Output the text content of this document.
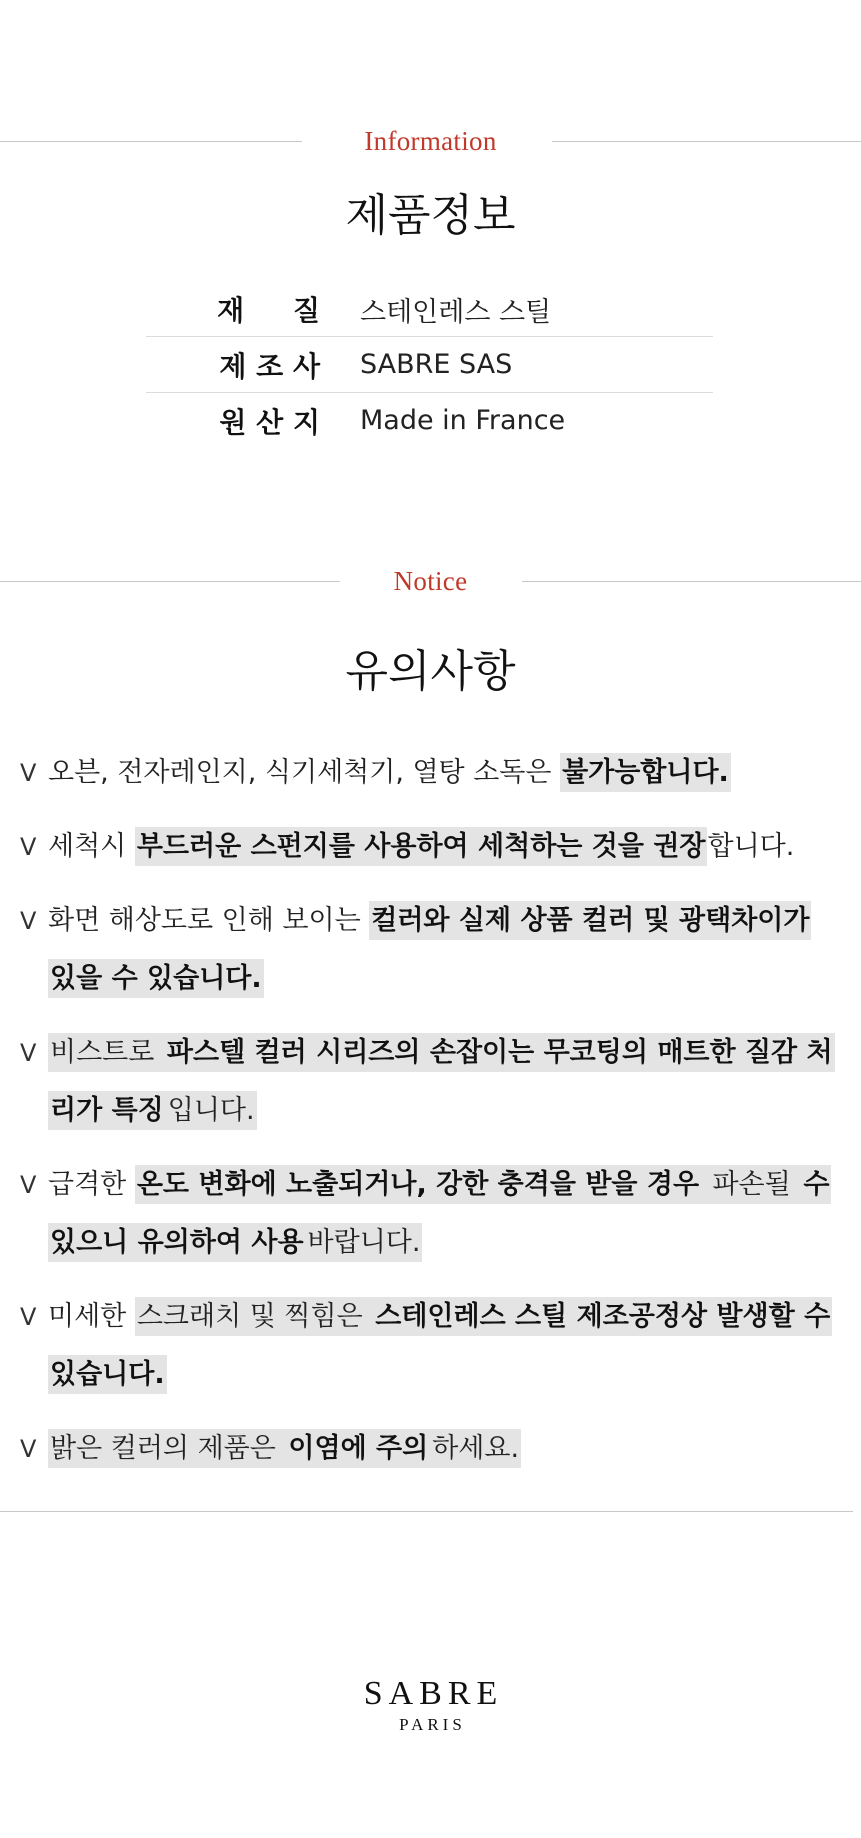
Information
제품정보
재     질	스테인레스 스틸
제 조 사	SABRE SAS
원 산 지	Made in France
Notice
유의사항
V 오븐, 전자레인지, 식기세척기, 열탕 소독은 불가능합니다.
V 세척시 부드러운 스펀지를 사용하여 세척하는 것을 권장합니다.
V 화면 해상도로 인해 보이는 컬러와 실제 상품 컬러 및 광택차이가 있을 수 있습니다.
V 비스트로 파스텔 컬러 시리즈의 손잡이는 무코팅의 매트한 질감 처리가 특징 입니다.
V 급격한 온도 변화에 노출되거나, 강한 충격을 받을 경우 파손될 수 있으니 유의하여 사용 바랍니다.
V 미세한 스크래치 및 찍힘은 스테인레스 스틸 제조공정상 발생할 수 있습니다.
V 밝은 컬러의 제품은 이염에 주의 하세요.
SABRE
PARIS
